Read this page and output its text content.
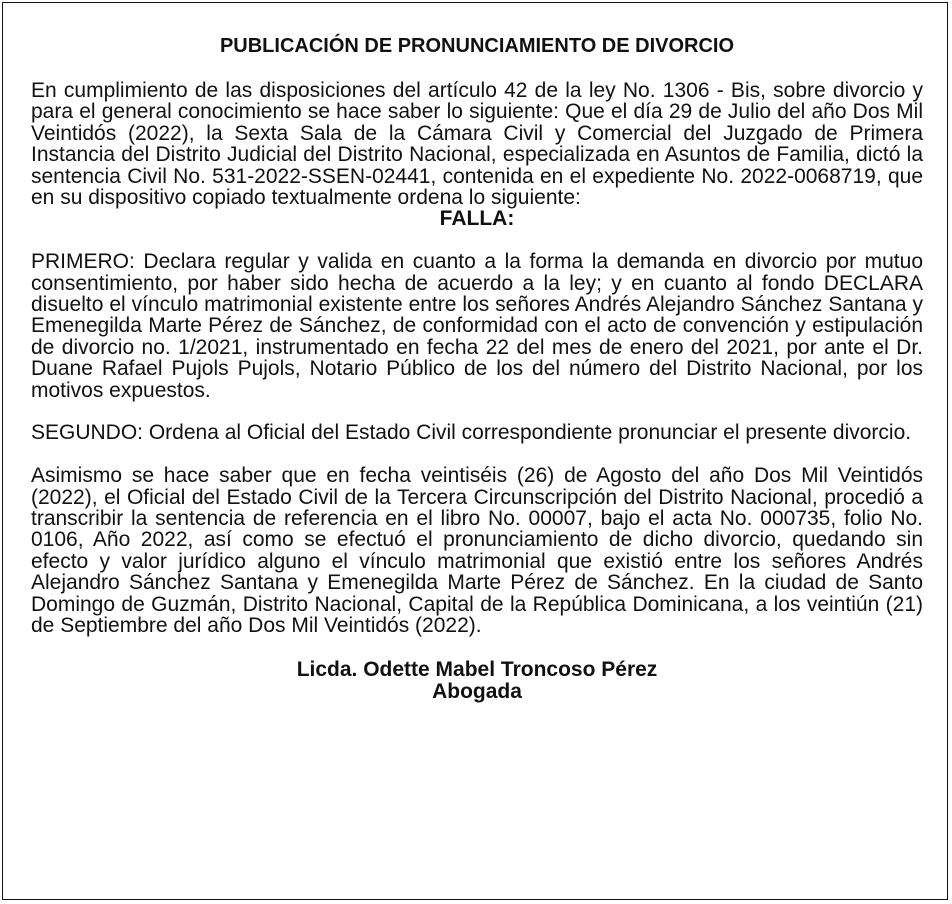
PUBLICACIÓN DE PRONUNCIAMIENTO DE DIVORCIO

En cumplimiento de las disposiciones del artículo 42 de la ley No. 1306 - Bis, sobre divorcio y para el general conocimiento se hace saber lo siguiente: Que el día 29 de Julio del año Dos Mil Veintidós (2022), la Sexta Sala de la Cámara Civil y Comercial del Juzgado de Primera Instancia del Distrito Judicial del Distrito Nacional, especializada en Asuntos de Familia, dictó la sentencia Civil No. 531-2022-SSEN-02441, contenida en el expediente No. 2022-0068719, que en su dispositivo copiado textualmente ordena lo siguiente:

FALLA:

PRIMERO: Declara regular y valida en cuanto a la forma la demanda en divorcio por mutuo consentimiento, por haber sido hecha de acuerdo a la ley; y en cuanto al fondo DECLARA disuelto el vínculo matrimonial existente entre los señores Andrés Alejandro Sánchez Santana y Emenegilda Marte Pérez de Sánchez, de conformidad con el acto de convención y estipulación de divorcio no. 1/2021, instrumentado en fecha 22 del mes de enero del 2021, por ante el Dr. Duane Rafael Pujols Pujols, Notario Público de los del número del Distrito Nacional, por los motivos expuestos.

SEGUNDO: Ordena al Oficial del Estado Civil correspondiente pronunciar el presente divorcio.

Asimismo se hace saber que en fecha veintiséis (26) de Agosto del año Dos Mil Veintidós (2022), el Oficial del Estado Civil de la Tercera Circunscripción del Distrito Nacional, procedió a transcribir la sentencia de referencia en el libro No. 00007, bajo el acta No. 000735, folio No. 0106, Año 2022, así como se efectuó el pronunciamiento de dicho divorcio, quedando sin efecto y valor jurídico alguno el vínculo matrimonial que existió entre los señores Andrés Alejandro Sánchez Santana y Emenegilda Marte Pérez de Sánchez. En la ciudad de Santo Domingo de Guzmán, Distrito Nacional, Capital de la República Dominicana, a los veintiún (21) de Septiembre del año Dos Mil Veintidós (2022).

Licda. Odette Mabel Troncoso Pérez
Abogada
